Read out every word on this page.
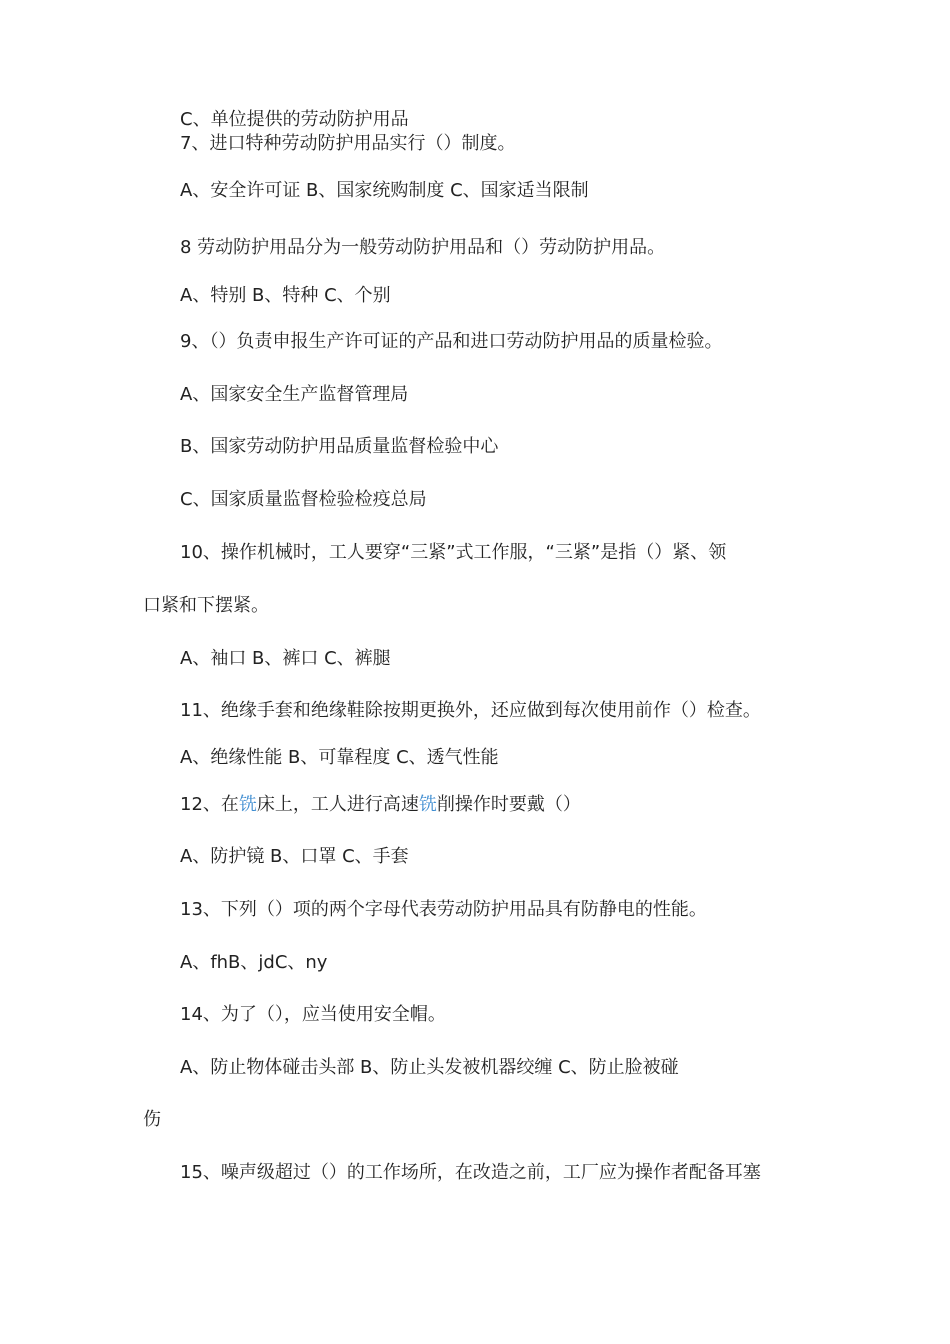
C、单位提供的劳动防护用品
7、进口特种劳动防护用品实行（）制度。
A、安全许可证 B、国家统购制度 C、国家适当限制
8 劳动防护用品分为一般劳动防护用品和（）劳动防护用品。
A、特别 B、特种 C、个别
9、（）负责申报生产许可证的产品和进口劳动防护用品的质量检验。
A、国家安全生产监督管理局
B、国家劳动防护用品质量监督检验中心
C、国家质量监督检验检疫总局
10、操作机械时，工人要穿“三紧”式工作服，“三紧”是指（）紧、领
口紧和下摆紧。
A、袖口 B、裤口 C、裤腿
11、绝缘手套和绝缘鞋除按期更换外，还应做到每次使用前作（）检查。
A、绝缘性能 B、可靠程度 C、透气性能
12、在铣床上，工人进行高速铣削操作时要戴（）
A、防护镜 B、口罩 C、手套
13、下列（）项的两个字母代表劳动防护用品具有防静电的性能。
A、fhB、jdC、ny
14、为了（），应当使用安全帽。
A、防止物体碰击头部 B、防止头发被机器绞缠 C、防止脸被碰
伤
15、噪声级超过（）的工作场所，在改造之前，工厂应为操作者配备耳塞
